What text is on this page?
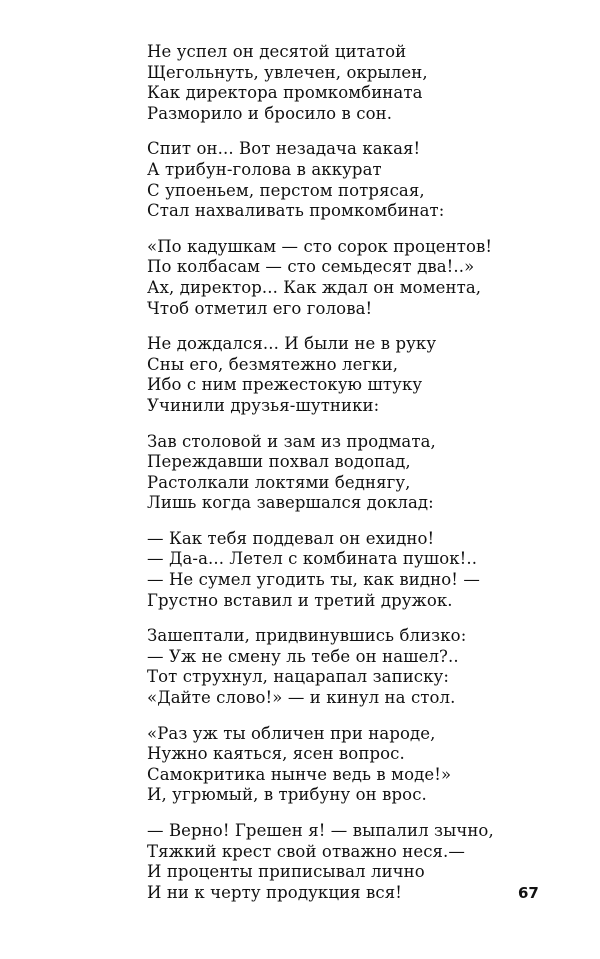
Не успел он десятой цитатой
Щегольнуть, увлечен, окрылен,
Как директора промкомбината
Разморило и бросило в сон.
Спит он... Вот незадача какая!
А трибун-голова в аккурат
С упоеньем, перстом потрясая,
Стал нахваливать промкомбинат:
«По кадушкам — сто сорок процентов!
По колбасам — сто семьдесят два!..»
Ах, директор... Как ждал он момента,
Чтоб отметил его голова!
Не дождался... И были не в руку
Сны его, безмятежно легки,
Ибо с ним прежестокую штуку
Учинили друзья-шутники:
Зав столовой и зам из продмата,
Переждавши похвал водопад,
Растолкали локтями беднягу,
Лишь когда завершался доклад:
— Как тебя поддевал он ехидно!
— Да-а... Летел с комбината пушок!..
— Не сумел угодить ты, как видно! —
Грустно вставил и третий дружок.
Зашептали, придвинувшись близко:
— Уж не смену ль тебе он нашел?..
Тот струхнул, нацарапал записку:
«Дайте слово!» — и кинул на стол.
«Раз уж ты обличен при народе,
Нужно каяться, ясен вопрос.
Самокритика нынче ведь в моде!»
И, угрюмый, в трибуну он врос.
— Верно! Грешен я! — выпалил зычно,
Тяжкий крест свой отважно неся.—
И проценты приписывал лично
И ни к черту продукция вся!	67
